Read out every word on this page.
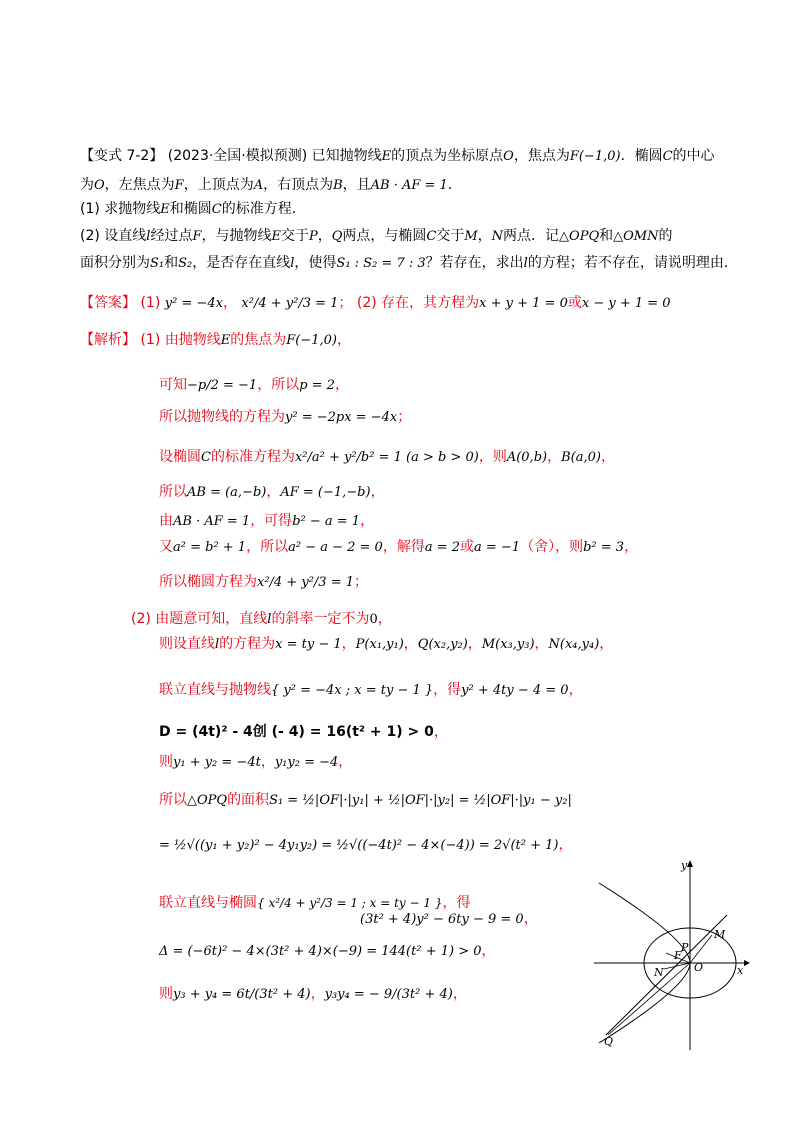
【变式 7-2】 (2023·全国·模拟预测) 已知抛物线E的顶点为坐标原点O，焦点为F(−1,0)．椭圆C的中心
为O，左焦点为F，上顶点为A，右顶点为B，且AB · AF = 1．
(1) 求抛物线E和椭圆C的标准方程．
(2) 设直线l经过点F，与抛物线E交于P，Q两点，与椭圆C交于M，N两点．记△OPQ和△OMN的
面积分别为S₁和S₂，是否存在直线l，使得S₁ : S₂ = 7 : 3？若存在，求出l的方程；若不存在，请说明理由．
【答案】 (1) y² = −4x， x²/4 + y²/3 = 1； (2) 存在，其方程为x + y + 1 = 0或x − y + 1 = 0
【解析】 (1) 由抛物线E的焦点为F(−1,0)，
可知−p/2 = −1，所以p = 2，
所以抛物线的方程为y² = −2px = −4x；
设椭圆C的标准方程为x²/a² + y²/b² = 1 (a > b > 0)，则A(0,b)，B(a,0)，
所以AB = (a,−b)，AF = (−1,−b)，
由AB · AF = 1，可得b² − a = 1，
又a² = b² + 1，所以a² − a − 2 = 0，解得a = 2或a = −1（舍），则b² = 3，
所以椭圆方程为x²/4 + y²/3 = 1；
(2) 由题意可知，直线l的斜率一定不为0，
则设直线l的方程为x = ty − 1，P(x₁,y₁)，Q(x₂,y₂)，M(x₃,y₃)，N(x₄,y₄)，
联立直线与抛物线{ y² = −4x ; x = ty − 1 }，得y² + 4ty − 4 = 0，
D = (4t)² - 4创 (- 4) = 16(t² + 1) > 0，
则y₁ + y₂ = −4t，y₁y₂ = −4，
所以△OPQ的面积S₁ = ½|OF|·|y₁| + ½|OF|·|y₂| = ½|OF|·|y₁ − y₂|
= ½√((y₁ + y₂)² − 4y₁y₂) = ½√((−4t)² − 4×(−4)) = 2√(t² + 1)，
联立直线与椭圆{ x²/4 + y²/3 = 1 ; x = ty − 1 }，得
(3t² + 4)y² − 6ty − 9 = 0，
Δ = (−6t)² − 4×(3t² + 4)×(−9) = 144(t² + 1) > 0，
则y₃ + y₄ = 6t/(3t² + 4)，y₃y₄ = − 9/(3t² + 4)，
y
x
M
P
F
N	O
Q
